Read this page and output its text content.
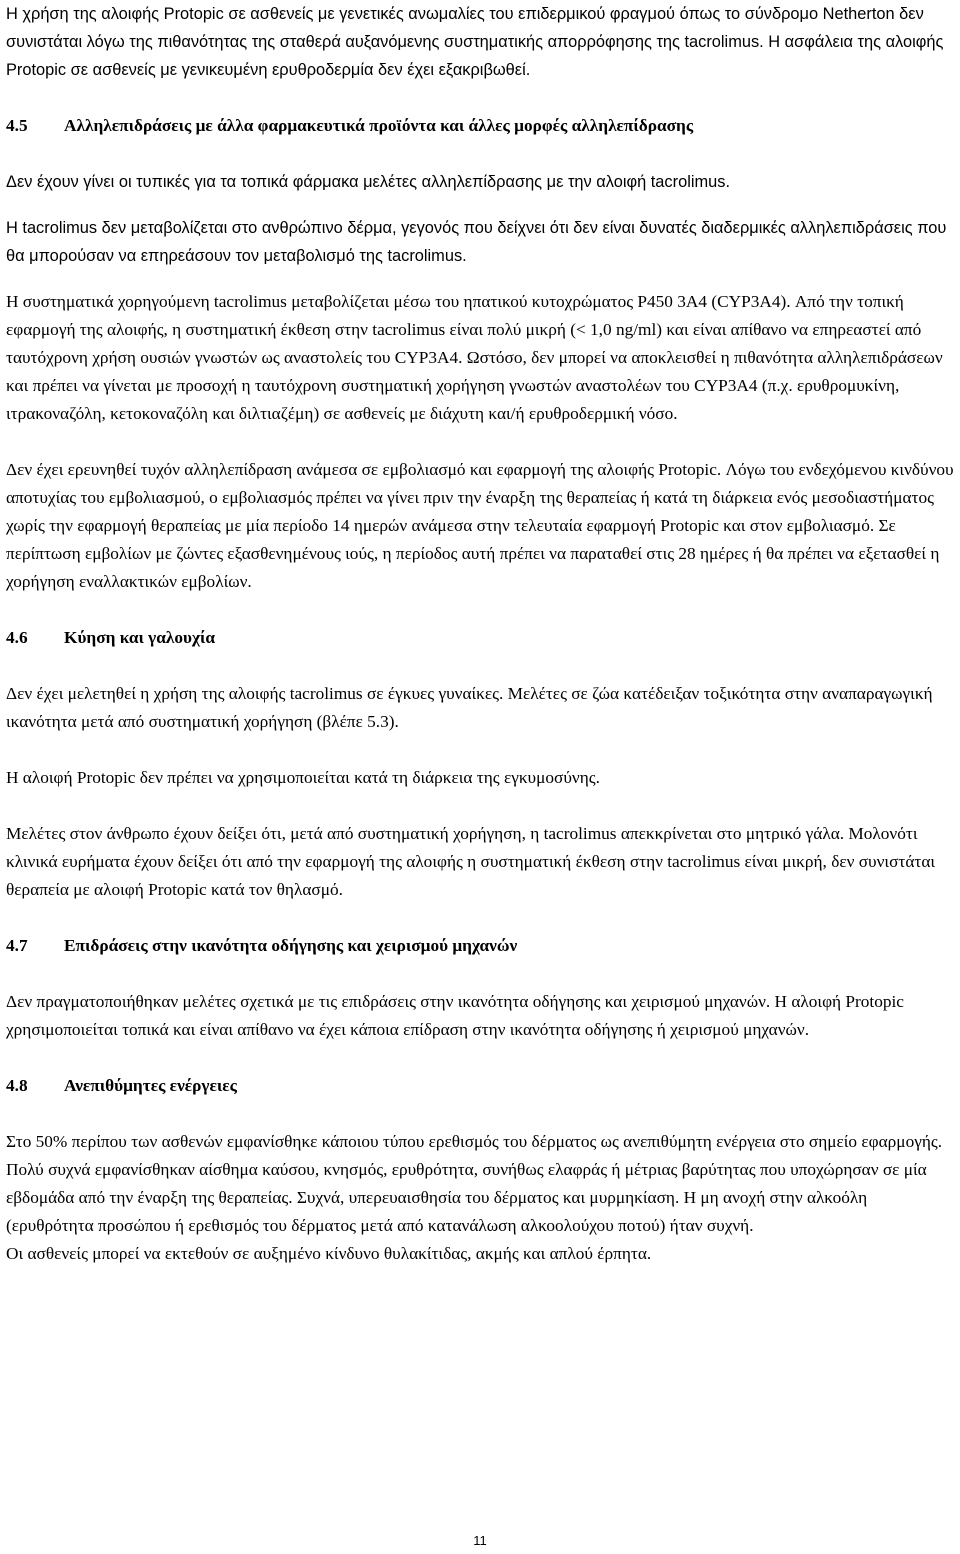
Η χρήση της αλοιφής Protopic σε ασθενείς με γενετικές ανωμαλίες του επιδερμικού φραγμού όπως το σύνδρομο Netherton δεν συνιστάται λόγω της πιθανότητας της σταθερά αυξανόμενης συστηματικής απορρόφησης της tacrolimus. Η ασφάλεια της αλοιφής Protopic σε ασθενείς με γενικευμένη ερυθροδερμία δεν έχει εξακριβωθεί.

4.5	Αλληλεπιδράσεις με άλλα φαρμακευτικά προϊόντα και άλλες μορφές αλληλεπίδρασης

Δεν έχουν γίνει οι τυπικές για τα τοπικά φάρμακα μελέτες αλληλεπίδρασης με την αλοιφή tacrolimus.

Η tacrolimus δεν μεταβολίζεται στο ανθρώπινο δέρμα, γεγονός που δείχνει ότι δεν είναι δυνατές διαδερμικές αλληλεπιδράσεις που θα μπορούσαν να επηρεάσουν τον μεταβολισμό της tacrolimus.

Η συστηματικά χορηγούμενη tacrolimus μεταβολίζεται μέσω του ηπατικού κυτοχρώματος P450 3A4 (CYP3A4). Από την τοπική εφαρμογή της αλοιφής, η συστηματική έκθεση στην tacrolimus είναι πολύ μικρή (< 1,0 ng/ml) και είναι απίθανο να επηρεαστεί από ταυτόχρονη χρήση ουσιών γνωστών ως αναστολείς του CYP3A4. Ωστόσο, δεν μπορεί να αποκλεισθεί η πιθανότητα αλληλεπιδράσεων και πρέπει να γίνεται με προσοχή η ταυτόχρονη συστηματική χορήγηση γνωστών αναστολέων του CYP3A4 (π.χ. ερυθρομυκίνη, ιτρακοναζόλη, κετοκοναζόλη και διλτιαζέμη) σε ασθενείς με διάχυτη και/ή ερυθροδερμική νόσο.

Δεν έχει ερευνηθεί τυχόν αλληλεπίδραση ανάμεσα σε εμβολιασμό και εφαρμογή της αλοιφής Protopic. Λόγω του ενδεχόμενου κινδύνου αποτυχίας του εμβολιασμού, ο εμβολιασμός πρέπει να γίνει πριν την έναρξη της θεραπείας ή κατά τη διάρκεια ενός μεσοδιαστήματος χωρίς την εφαρμογή θεραπείας με μία περίοδο 14 ημερών ανάμεσα στην τελευταία εφαρμογή Protopic και στον εμβολιασμό. Σε περίπτωση εμβολίων με ζώντες εξασθενημένους ιούς, η περίοδος αυτή πρέπει να παραταθεί στις 28 ημέρες ή θα πρέπει να εξετασθεί η χορήγηση εναλλακτικών εμβολίων.

4.6	Κύηση και γαλουχία

Δεν έχει μελετηθεί η χρήση της αλοιφής tacrolimus σε έγκυες γυναίκες. Μελέτες σε ζώα κατέδειξαν τοξικότητα στην αναπαραγωγική ικανότητα μετά από συστηματική χορήγηση (βλέπε 5.3).

Η αλοιφή Protopic δεν πρέπει να χρησιμοποιείται κατά τη διάρκεια της εγκυμοσύνης.

Μελέτες στον άνθρωπο έχουν δείξει ότι, μετά από συστηματική χορήγηση, η tacrolimus απεκκρίνεται στο μητρικό γάλα. Μολονότι κλινικά ευρήματα έχουν δείξει ότι από την εφαρμογή της αλοιφής η συστηματική έκθεση στην tacrolimus είναι μικρή, δεν συνιστάται θεραπεία με αλοιφή Protopic κατά τον θηλασμό.

4.7	Επιδράσεις στην ικανότητα οδήγησης και χειρισμού μηχανών

Δεν πραγματοποιήθηκαν μελέτες σχετικά με τις επιδράσεις στην ικανότητα οδήγησης και χειρισμού μηχανών. Η αλοιφή Protopic χρησιμοποιείται τοπικά και είναι απίθανο να έχει κάποια επίδραση στην ικανότητα οδήγησης ή χειρισμού μηχανών.

4.8	Ανεπιθύμητες ενέργειες

Στο 50% περίπου των ασθενών εμφανίσθηκε κάποιου τύπου ερεθισμός του δέρματος ως ανεπιθύμητη ενέργεια στο σημείο εφαρμογής. Πολύ συχνά εμφανίσθηκαν αίσθημα καύσου, κνησμός, ερυθρότητα, συνήθως ελαφράς ή μέτριας βαρύτητας που υποχώρησαν σε μία εβδομάδα από την έναρξη της θεραπείας. Συχνά, υπερευαισθησία του δέρματος και μυρμηκίαση. Η μη ανοχή στην αλκοόλη (ερυθρότητα προσώπου ή ερεθισμός του δέρματος μετά από κατανάλωση αλκοολούχου ποτού) ήταν συχνή.

Οι ασθενείς μπορεί να εκτεθούν σε αυξημένο κίνδυνο θυλακίτιδας, ακμής και απλού έρπητα.

11
